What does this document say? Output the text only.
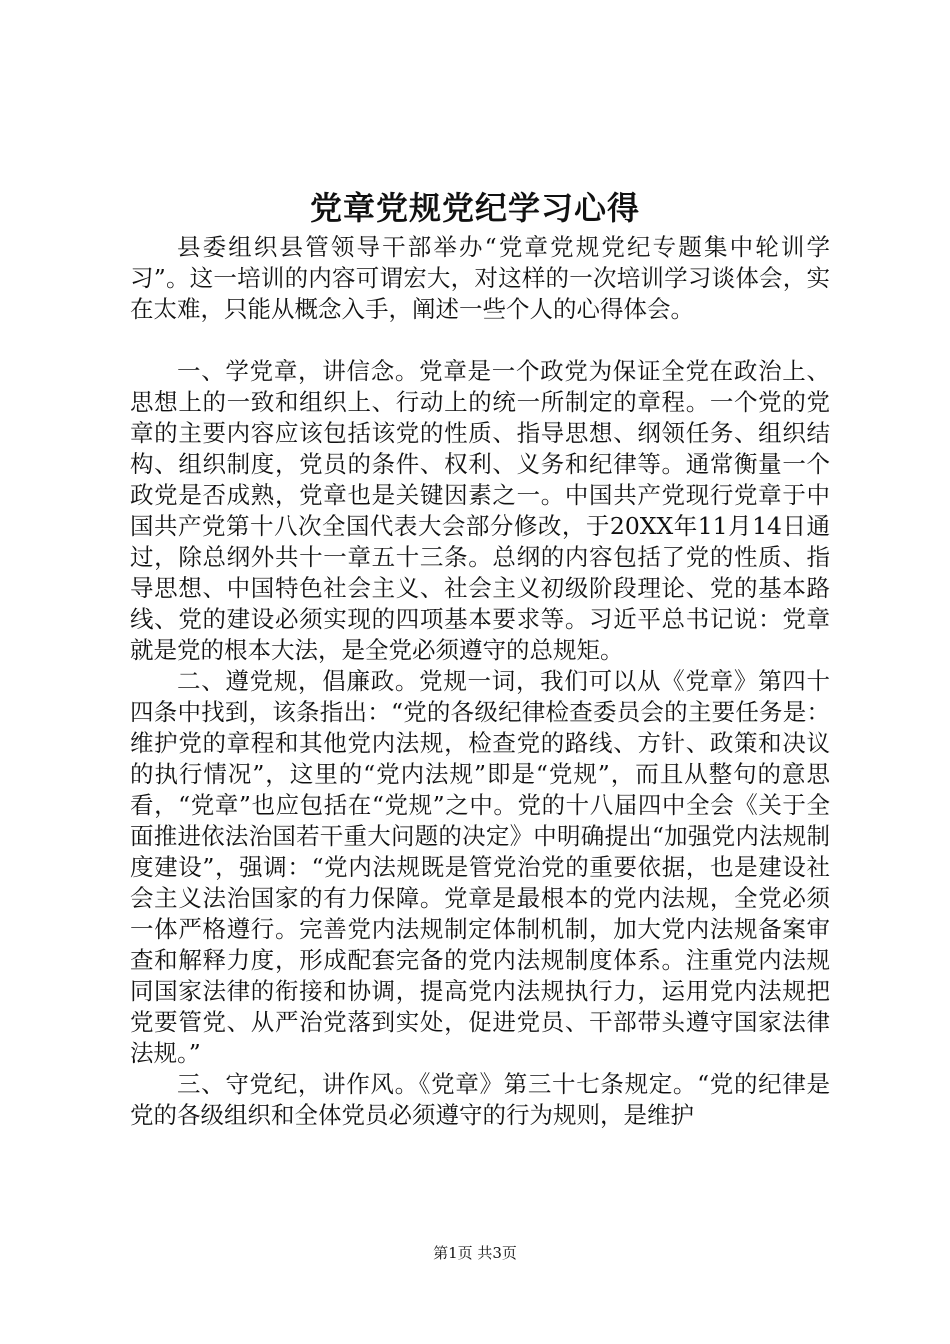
党章党规党纪学习心得

县委组织县管领导干部举办“党章党规党纪专题集中轮训学习”。这一培训的内容可谓宏大，对这样的一次培训学习谈体会，实在太难，只能从概念入手，阐述一些个人的心得体会。

一、学党章，讲信念。党章是一个政党为保证全党在政治上、思想上的一致和组织上、行动上的统一所制定的章程。一个党的党章的主要内容应该包括该党的性质、指导思想、纲领任务、组织结构、组织制度，党员的条件、权利、义务和纪律等。通常衡量一个政党是否成熟，党章也是关键因素之一。中国共产党现行党章于中国共产党第十八次全国代表大会部分修改，于20XX年11月14日通过，除总纲外共十一章五十三条。总纲的内容包括了党的性质、指导思想、中国特色社会主义、社会主义初级阶段理论、党的基本路线、党的建设必须实现的四项基本要求等。习近平总书记说：党章就是党的根本大法，是全党必须遵守的总规矩。

二、遵党规，倡廉政。党规一词，我们可以从《党章》第四十四条中找到，该条指出：“党的各级纪律检查委员会的主要任务是：维护党的章程和其他党内法规，检查党的路线、方针、政策和决议的执行情况”，这里的“党内法规”即是“党规”，而且从整句的意思看，“党章”也应包括在“党规”之中。党的十八届四中全会《关于全面推进依法治国若干重大问题的决定》中明确提出“加强党内法规制度建设”，强调：“党内法规既是管党治党的重要依据，也是建设社会主义法治国家的有力保障。党章是最根本的党内法规，全党必须一体严格遵行。完善党内法规制定体制机制，加大党内法规备案审查和解释力度，形成配套完备的党内法规制度体系。注重党内法规同国家法律的衔接和协调，提高党内法规执行力，运用党内法规把党要管党、从严治党落到实处，促进党员、干部带头遵守国家法律法规。”

三、守党纪，讲作风。《党章》第三十七条规定。“党的纪律是党的各级组织和全体党员必须遵守的行为规则，是维护

第1页 共3页
